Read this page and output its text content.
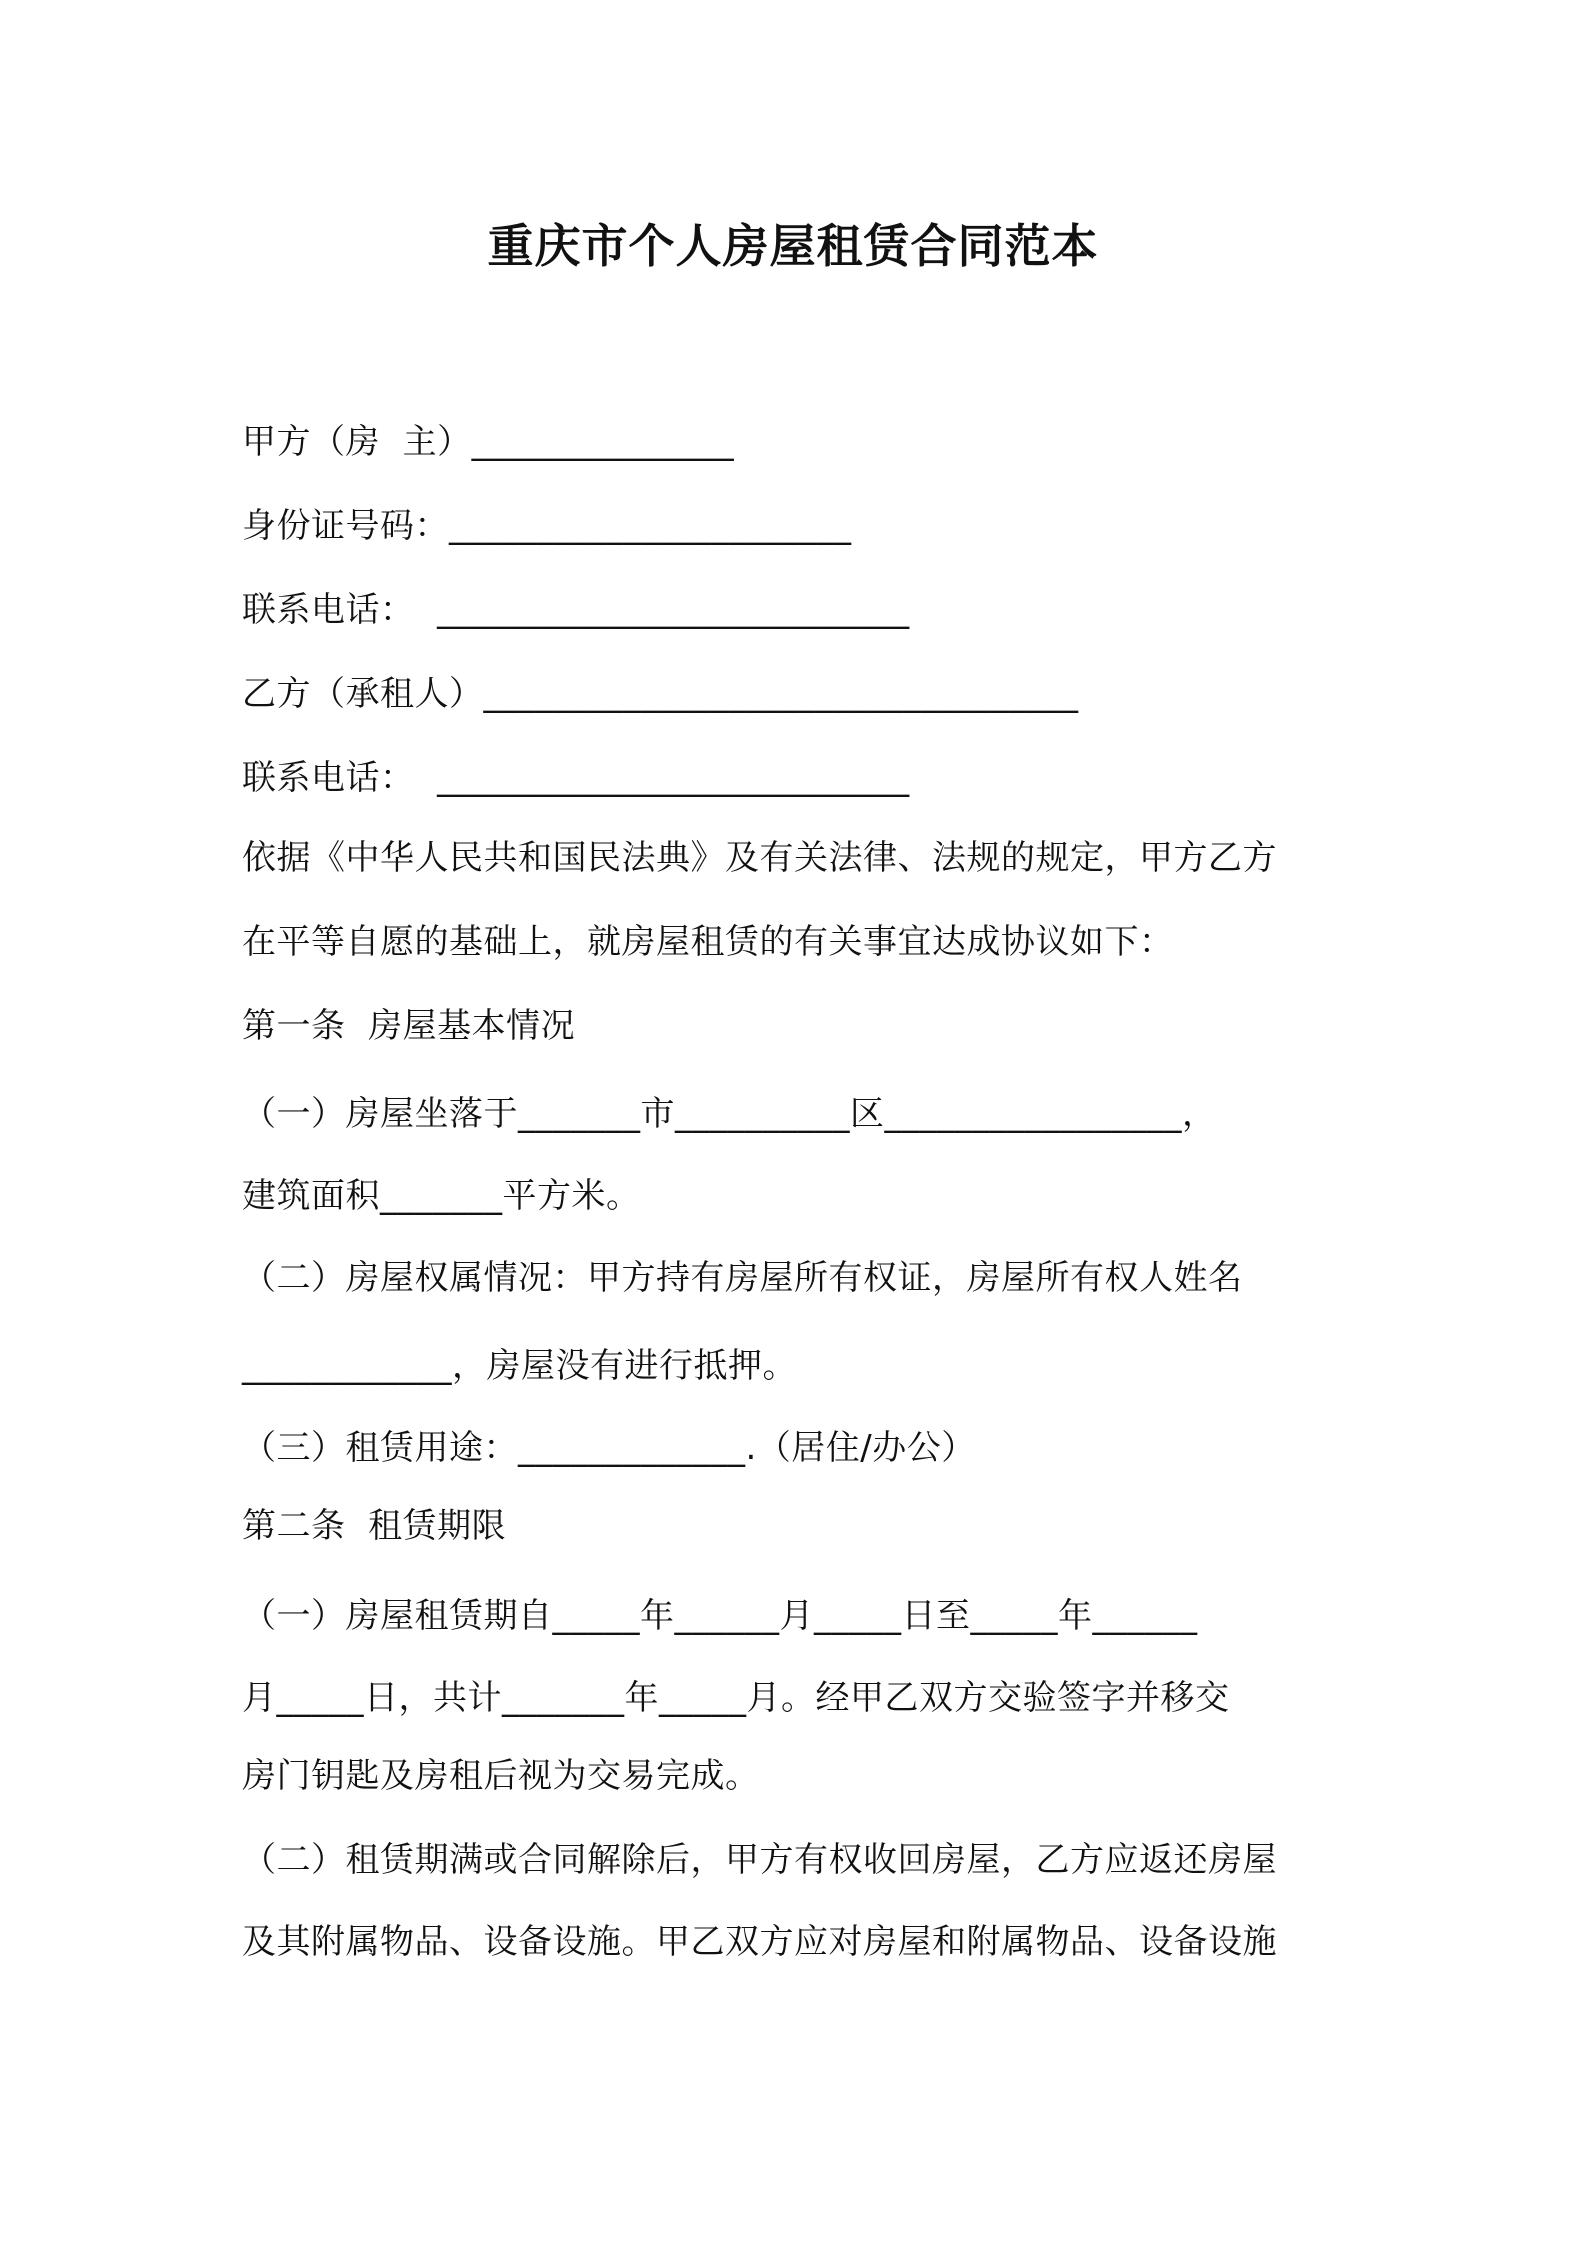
重庆市个人房屋租赁合同范本
甲方（房  主）_______________
身份证号码：_______________________
联系电话：  ___________________________
乙方（承租人）__________________________________
联系电话：  ___________________________
依据《中华人民共和国民法典》及有关法律、法规的规定，甲方乙方
在平等自愿的基础上，就房屋租赁的有关事宜达成协议如下：
第一条  房屋基本情况
（一）房屋坐落于_______市__________区_________________，
建筑面积_______平方米。
（二）房屋权属情况：甲方持有房屋所有权证，房屋所有权人姓名
____________，房屋没有进行抵押。
（三）租赁用途：_____________.（居住/办公）
第二条  租赁期限
（一）房屋租赁期自_____年______月_____日至_____年______
月_____日，共计_______年_____月。经甲乙双方交验签字并移交
房门钥匙及房租后视为交易完成。
（二）租赁期满或合同解除后，甲方有权收回房屋，乙方应返还房屋
及其附属物品、设备设施。甲乙双方应对房屋和附属物品、设备设施
